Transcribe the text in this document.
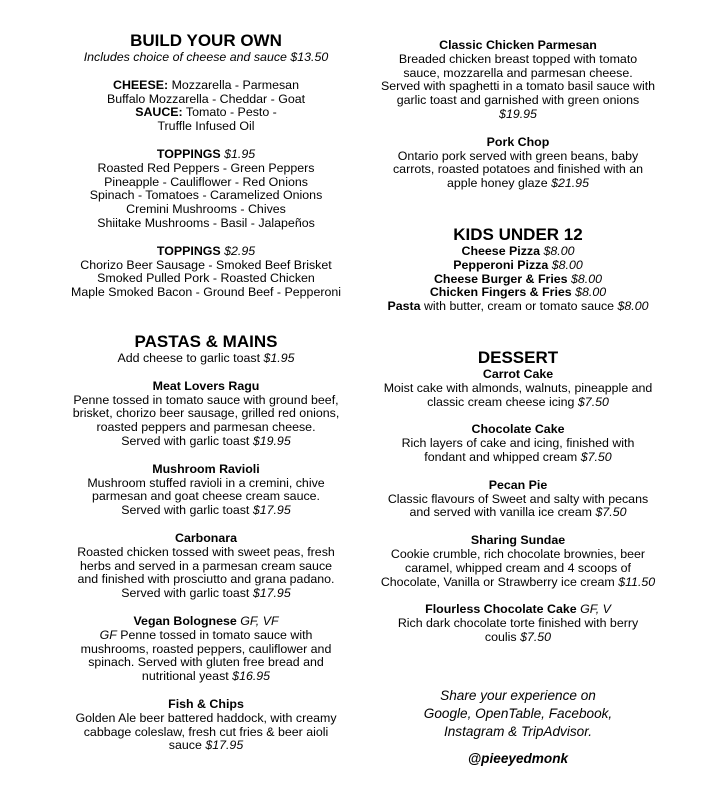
BUILD YOUR OWN
Includes choice of cheese and sauce $13.50
CHEESE: Mozzarella - Parmesan
Buffalo Mozzarella - Cheddar - Goat
SAUCE: Tomato - Pesto -
Truffle Infused Oil
TOPPINGS $1.95
Roasted Red Peppers - Green Peppers
Pineapple - Cauliflower - Red Onions
Spinach - Tomatoes - Caramelized Onions
Cremini Mushrooms - Chives
Shiitake Mushrooms - Basil - Jalapeños
TOPPINGS $2.95
Chorizo Beer Sausage - Smoked Beef Brisket
Smoked Pulled Pork - Roasted Chicken
Maple Smoked Bacon - Ground Beef - Pepperoni
PASTAS & MAINS
Add cheese to garlic toast $1.95
Meat Lovers Ragu
Penne tossed in tomato sauce with ground beef,
brisket, chorizo beer sausage, grilled red onions,
roasted peppers and parmesan cheese.
Served with garlic toast $19.95
Mushroom Ravioli
Mushroom stuffed ravioli in a cremini, chive
parmesan and goat cheese cream sauce.
Served with garlic toast $17.95
Carbonara
Roasted chicken tossed with sweet peas, fresh
herbs and served in a parmesan cream sauce
and finished with prosciutto and grana padano.
Served with garlic toast $17.95
Vegan Bolognese GF, VF
GF Penne tossed in tomato sauce with
mushrooms, roasted peppers, cauliflower and
spinach. Served with gluten free bread and
nutritional yeast $16.95
Fish & Chips
Golden Ale beer battered haddock, with creamy
cabbage coleslaw, fresh cut fries & beer aioli
sauce $17.95
Classic Chicken Parmesan
Breaded chicken breast topped with tomato
sauce, mozzarella and parmesan cheese.
Served with spaghetti in a tomato basil sauce with
garlic toast and garnished with green onions
$19.95
Pork Chop
Ontario pork served with green beans, baby
carrots, roasted potatoes and finished with an
apple honey glaze $21.95
KIDS UNDER 12
Cheese Pizza $8.00
Pepperoni Pizza $8.00
Cheese Burger & Fries $8.00
Chicken Fingers & Fries $8.00
Pasta with butter, cream or tomato sauce $8.00
DESSERT
Carrot Cake
Moist cake with almonds, walnuts, pineapple and
classic cream cheese icing $7.50
Chocolate Cake
Rich layers of cake and icing, finished with
fondant and whipped cream $7.50
Pecan Pie
Classic flavours of Sweet and salty with pecans
and served with vanilla ice cream $7.50
Sharing Sundae
Cookie crumble, rich chocolate brownies, beer
caramel, whipped cream and 4 scoops of
Chocolate, Vanilla or Strawberry ice cream $11.50
Flourless Chocolate Cake GF, V
Rich dark chocolate torte finished with berry
coulis $7.50
Share your experience on
Google, OpenTable, Facebook,
Instagram & TripAdvisor.
@pieeyedmonk
